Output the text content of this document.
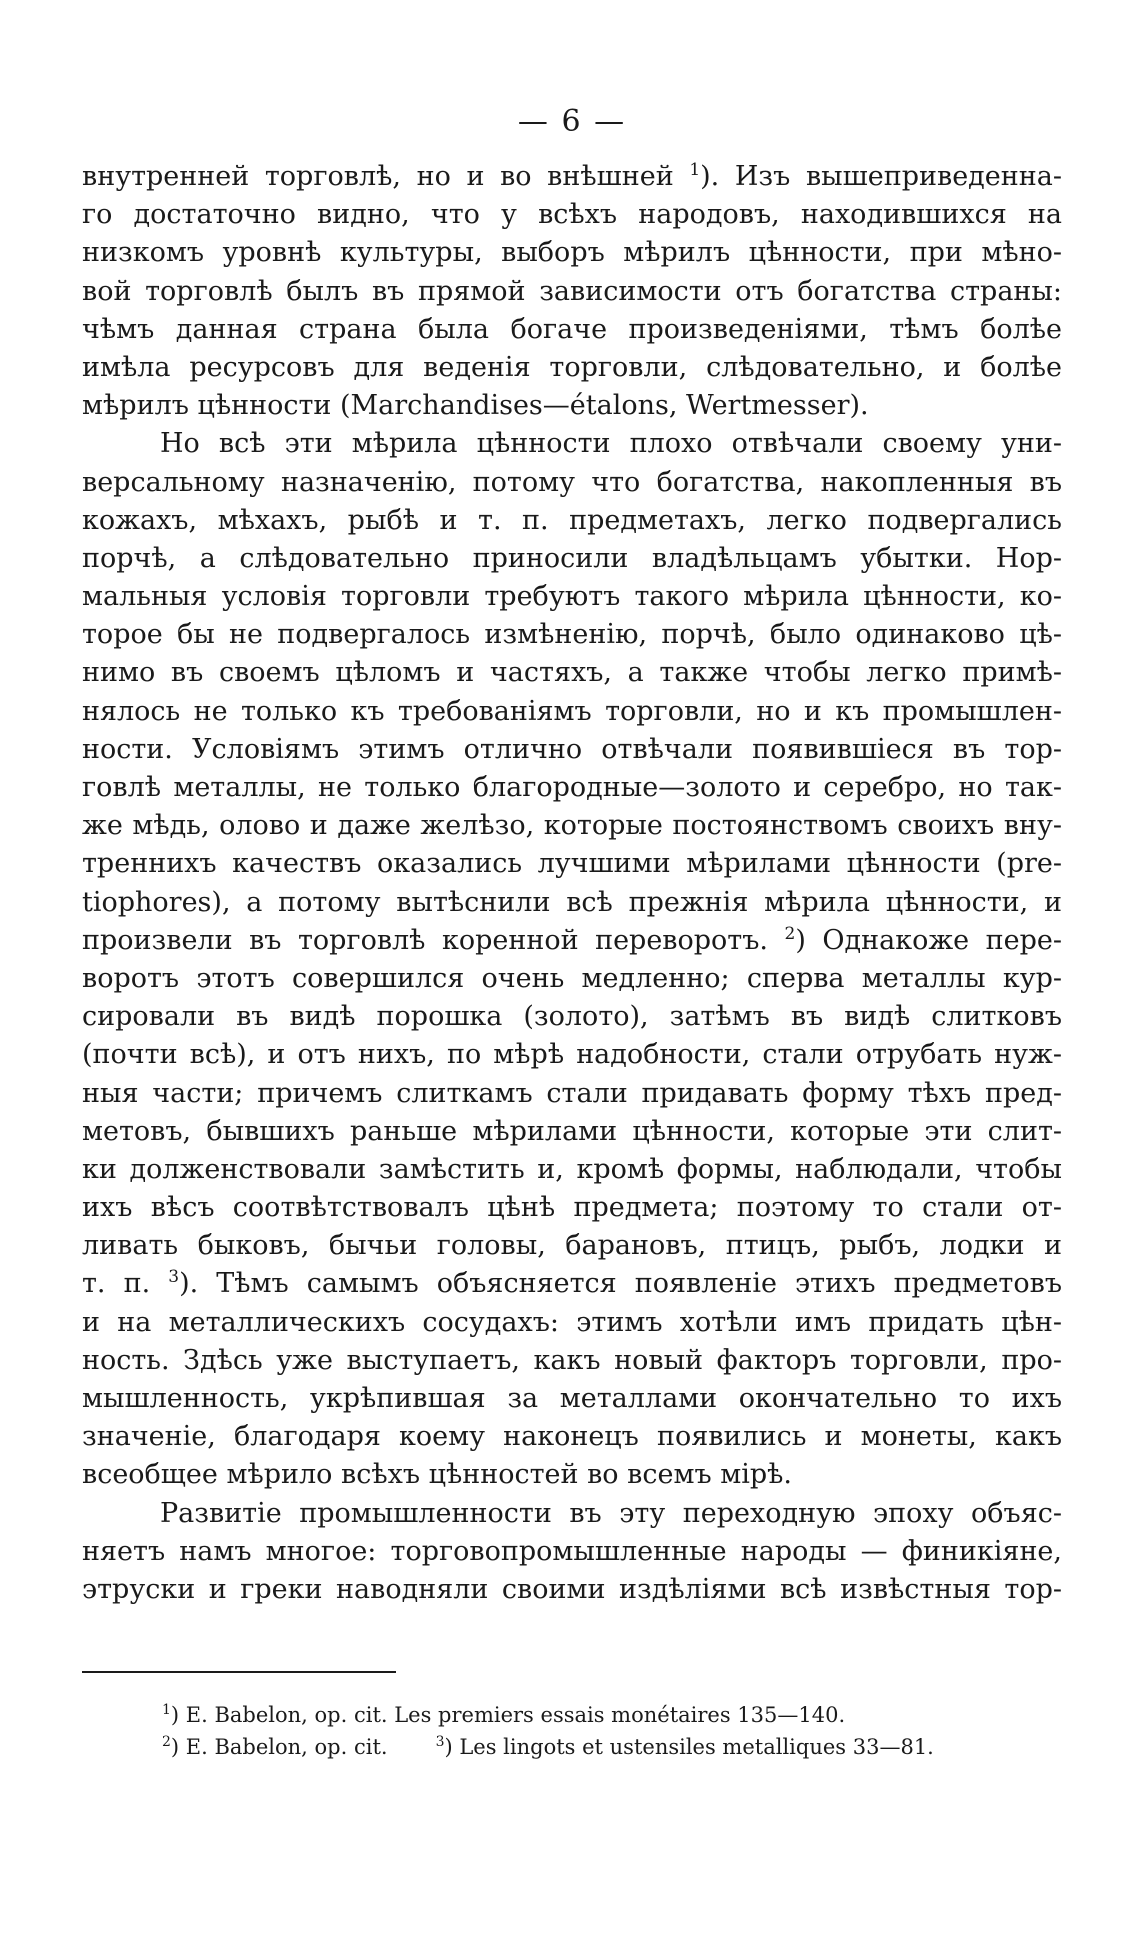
— 6 —
внутренней торговлѣ, но и во внѣшней $^1$). Изъ вышеприведенна-
го достаточно видно, что у всѣхъ народовъ, находившихся на
низкомъ уровнѣ культуры, выборъ мѣрилъ цѣнности, при мѣно-
вой торговлѣ былъ въ прямой зависимости отъ богатства страны:
чѣмъ данная страна была богаче произведеніями, тѣмъ болѣе
имѣла ресурсовъ для веденія торговли, слѣдовательно, и болѣе
мѣрилъ цѣнности (Marchandises—étalons, Wertmesser).
Но всѣ эти мѣрила цѣнности плохо отвѣчали своему уни-
версальному назначенію, потому что богатства, накопленныя въ
кожахъ, мѣхахъ, рыбѣ и т. п. предметахъ, легко подвергались
порчѣ, а слѣдовательно приносили владѣльцамъ убытки. Нор-
мальныя условія торговли требуютъ такого мѣрила цѣнности, ко-
торое бы не подвергалось измѣненію, порчѣ, было одинаково цѣ-
нимо въ своемъ цѣломъ и частяхъ, а также чтобы легко примѣ-
нялось не только къ требованіямъ торговли, но и къ промышлен-
ности. Условіямъ этимъ отлично отвѣчали появившіеся въ тор-
говлѣ металлы, не только благородные—золото и серебро, но так-
же мѣдь, олово и даже желѣзо, которые постоянствомъ своихъ вну-
треннихъ качествъ оказались лучшими мѣрилами цѣнности (pre-
tiophores), а потому вытѣснили всѣ прежнія мѣрила цѣнности, и
произвели въ торговлѣ коренной переворотъ. $^2$) Однакоже пере-
воротъ этотъ совершился очень медленно; сперва металлы кур-
сировали въ видѣ порошка (золото), затѣмъ въ видѣ слитковъ
(почти всѣ), и отъ нихъ, по мѣрѣ надобности, стали отрубать нуж-
ныя части; причемъ слиткамъ стали придавать форму тѣхъ пред-
метовъ, бывшихъ раньше мѣрилами цѣнности, которые эти слит-
ки долженствовали замѣстить и, кромѣ формы, наблюдали, чтобы
ихъ вѣсъ соотвѣтствовалъ цѣнѣ предмета; поэтому то стали от-
ливать быковъ, бычьи головы, барановъ, птицъ, рыбъ, лодки и
т. п. $^3$). Тѣмъ самымъ объясняется появленіе этихъ предметовъ
и на металлическихъ сосудахъ: этимъ хотѣли имъ придать цѣн-
ность. Здѣсь уже выступаетъ, какъ новый факторъ торговли, про-
мышленность, укрѣпившая за металлами окончательно то ихъ
значеніе, благодаря коему наконецъ появились и монеты, какъ
всеобщее мѣрило всѣхъ цѣнностей во всемъ мірѣ.
Развитіе промышленности въ эту переходную эпоху объяс-
няетъ намъ многое: торговопромышленные народы — финикіяне,
этруски и греки наводняли своими издѣліями всѣ извѣстныя тор-
$^1$) E. Babelon, op. cit. Les premiers essais monétaires 135—140.
$^2$) E. Babelon, op. cit.	$^3$) Les lingots et ustensiles metalliques 33—81.
